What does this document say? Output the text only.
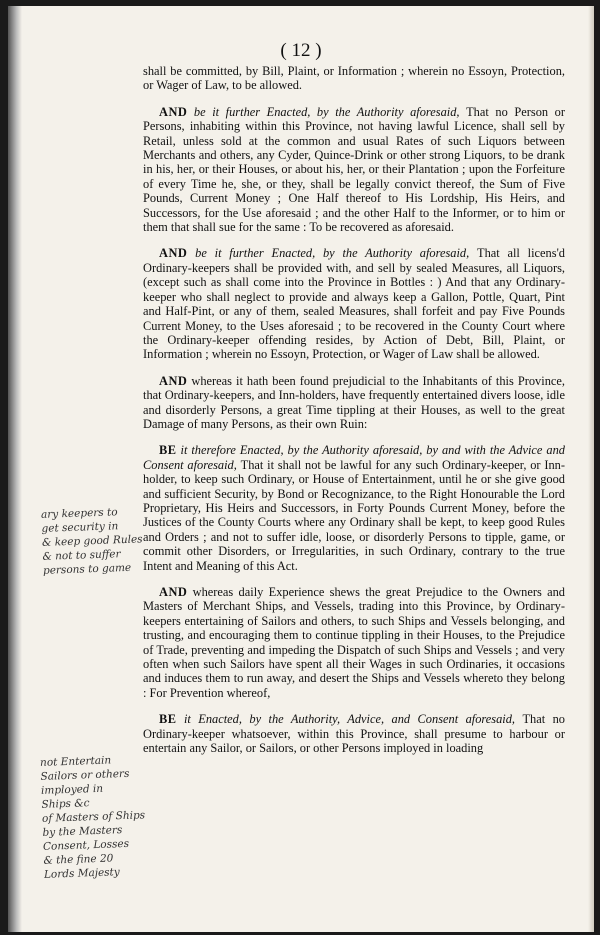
( 12 )

shall be committed, by Bill, Plaint, or Information ; wherein no Essoyn, Protection, or Wager of Law, to be allowed.

AND be it further Enacted, by the Authority aforesaid, That no Person or Persons, inhabiting within this Province, not having lawful Licence, shall sell by Retail, unless sold at the common and usual Rates of such Liquors between Merchants and others, any Cyder, Quince-Drink or other strong Liquors, to be drank in his, her, or their Houses, or about his, her, or their Plantation ; upon the Forfeiture of every Time he, she, or they, shall be legally convict thereof, the Sum of Five Pounds, Current Money ; One Half thereof to His Lordship, His Heirs, and Successors, for the Use aforesaid ; and the other Half to the Informer, or to him or them that shall sue for the same : To be recovered as aforesaid.

AND be it further Enacted, by the Authority aforesaid, That all licens'd Ordinary-keepers shall be provided with, and sell by sealed Measures, all Liquors, (except such as shall come into the Province in Bottles : ) And that any Ordinary-keeper who shall neglect to provide and always keep a Gallon, Pottle, Quart, Pint and Half-Pint, or any of them, sealed Measures, shall forfeit and pay Five Pounds Current Money, to the Uses aforesaid ; to be recovered in the County Court where the Ordinary-keeper offending resides, by Action of Debt, Bill, Plaint, or Information ; wherein no Essoyn, Protection, or Wager of Law shall be allowed.

AND whereas it hath been found prejudicial to the Inhabitants of this Province, that Ordinary-keepers, and Inn-holders, have frequently entertained divers loose, idle and disorderly Persons, a great Time tippling at their Houses, as well to the great Damage of many Persons, as their own Ruin:

BE it therefore Enacted, by the Authority aforesaid, by and with the Advice and Consent aforesaid, That it shall not be lawful for any such Ordinary-keeper, or Inn-holder, to keep such Ordinary, or House of Entertainment, until he or she give good and sufficient Security, by Bond or Recognizance, to the Right Honourable the Lord Proprietary, His Heirs and Successors, in Forty Pounds Current Money, before the Justices of the County Courts where any Ordinary shall be kept, to keep good Rules and Orders ; and not to suffer idle, loose, or disorderly Persons to tipple, game, or commit other Disorders, or Irregularities, in such Ordinary, contrary to the true Intent and Meaning of this Act.

AND whereas daily Experience shews the great Prejudice to the Owners and Masters of Merchant Ships, and Vessels, trading into this Province, by Ordinary-keepers entertaining of Sailors and others, to such Ships and Vessels belonging, and trusting, and encouraging them to continue tippling in their Houses, to the Prejudice of Trade, preventing and impeding the Dispatch of such Ships and Vessels ; and very often when such Sailors have spent all their Wages in such Ordinaries, it occasions and induces them to run away, and desert the Ships and Vessels whereto they belong : For Prevention whereof,

BE it Enacted, by the Authority, Advice, and Consent aforesaid, That no Ordinary-keeper whatsoever, within this Province, shall presume to harbour or entertain any Sailor, or Sailors, or other Persons imployed in loading

ary keepers to
get security in
& keep good Rules
& not to suffer
persons to game
not Entertain
Sailors or others
imployed in
Ships &c
of Masters of Ships
by the Masters
Consent, Losses
& the fine 20
Lords Majesty
